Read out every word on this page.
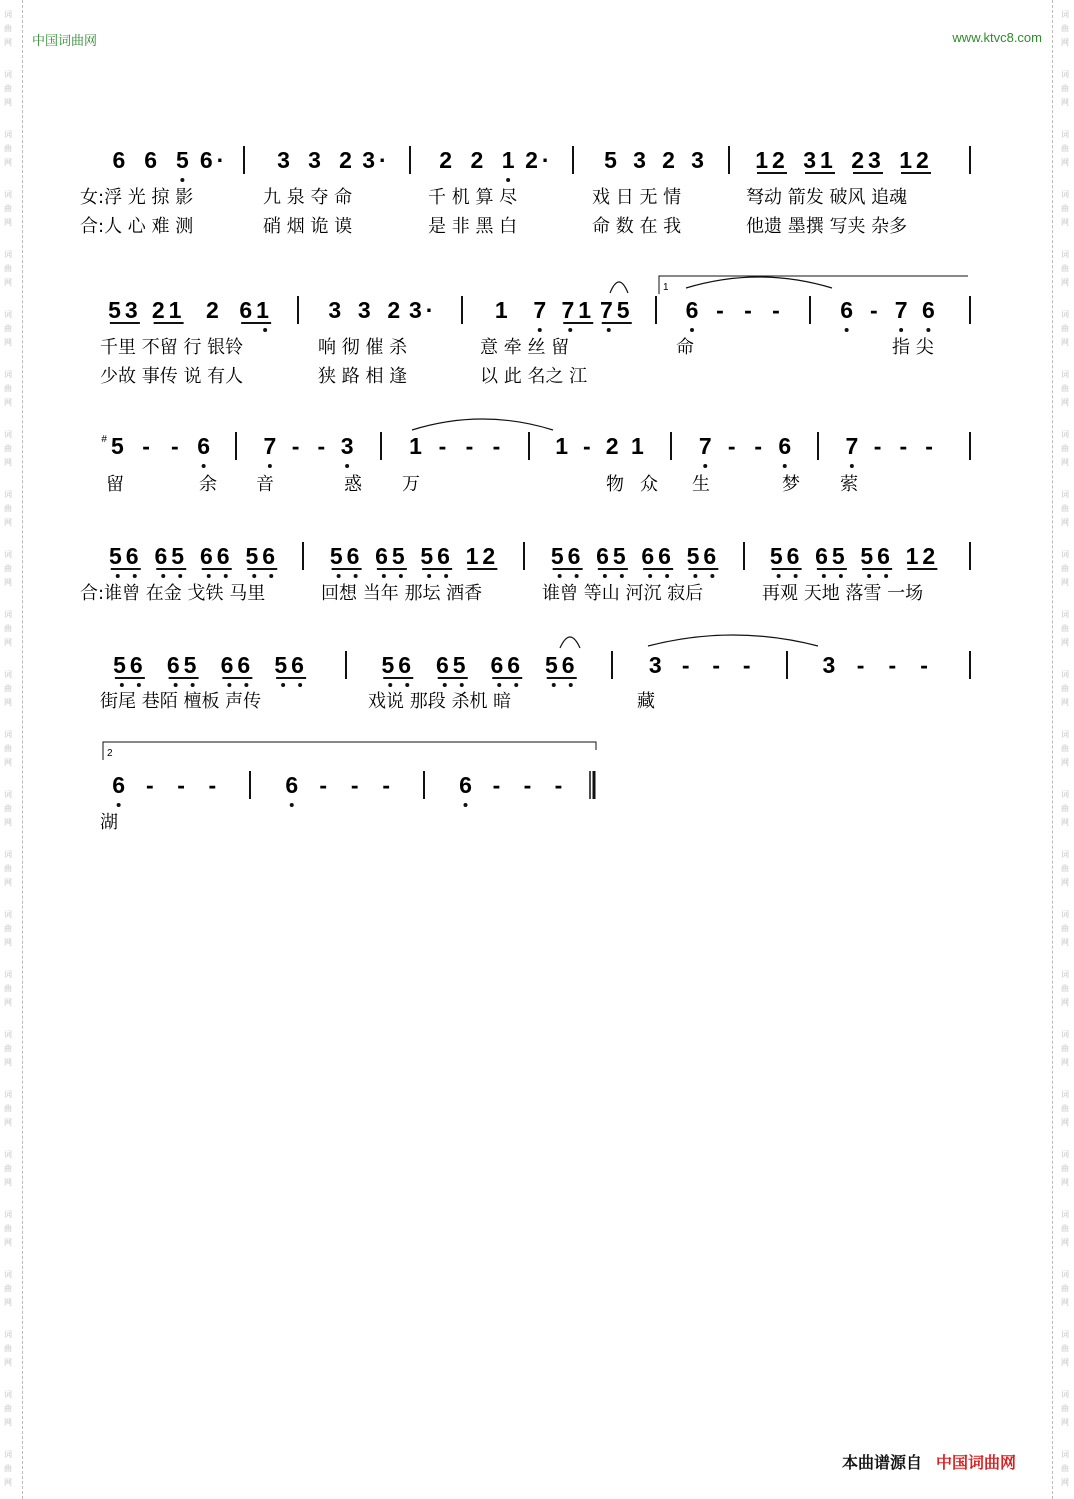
词
曲
网
词
曲
网
词
曲
网
词
曲
网
词
曲
网
词
曲
网
词
曲
网
词
曲
网
词
曲
网
词
曲
网
词
曲
网
词
曲
网
词
曲
网
词
曲
网
词
曲
网
词
曲
网
词
曲
网
词
曲
网
词
曲
网
词
曲
网
词
曲
网
词
曲
网
词
曲
网
词
曲
网
词
曲
网
词
曲
网
词
曲
网
词
曲
网
词
曲
网
词
曲
网
词
曲
网
词
曲
网
词
曲
网
词
曲
网
词
曲
网
词
曲
网
词
曲
网
词
曲
网
词
曲
网
词
曲
网
词
曲
网
词
曲
网
词
曲
网
词
曲
网
词
曲
网
词
曲
网
词
曲
网
词
曲
网
词
曲
网
词
曲
网
中国词曲网	www.ktvc8.com
6 6 5 6· 3 3 2 3· 2 2 1 2· 5 3 2 3 12 31 23 12
女:浮 光 掠 影	九 泉 夺 命	千 机 算 尽	戏 日 无 情	弩动 箭发 破风 追魂
合:人 心 难 测	硝 烟 诡 谟	是 非 黑 白	命 数 在 我	他遗 墨撰 写夹 杂多
53 21 2 61 3 3 2 3· 1 7 71 75 6 - - -	6 - 7 6
千里 不留 行 银铃	响 彻 催 杀	意 牵 丝 留	命	指 尖
少故 事传 说 有人	狭 路 相 逢	以 此 名之 江
1
5
# - - 6 7 - - 3 1 - - - 1 - 2 1 7 - - 6 7 - - -
留	余 音	惑 万	物 众 生	梦 萦
56 65 66 56 56 65 56 12 56 65 66 56 56 65 56 12
合:谁曾 在金 戈铁 马里	回想 当年 那坛 酒香	谁曾 等山 河沉 寂后	再观 天地 落雪 一场
56 65 66 56	56 65 66 56	3 - - -	3 - - -
街尾 巷陌 檀板 声传	戏说 那段 杀机 暗	藏
6 - - -	6 - - -	6 - - -
湖
2
本曲谱源自 中国词曲网
